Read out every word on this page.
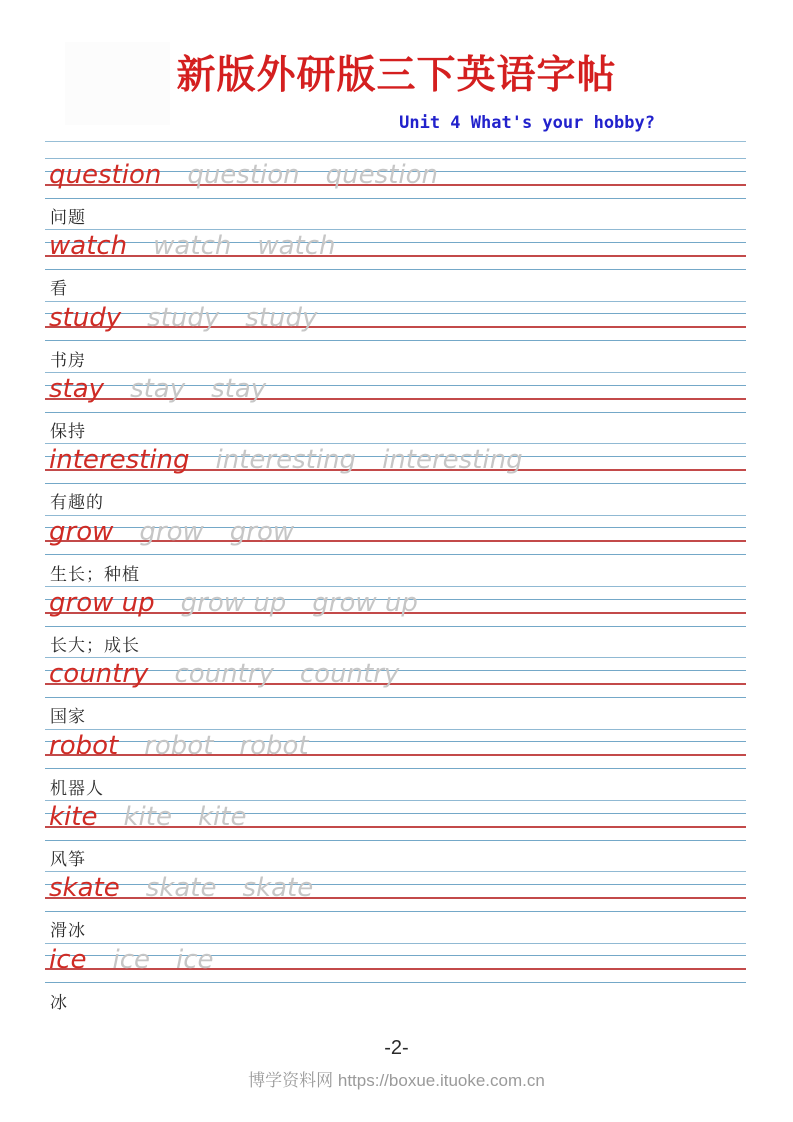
新版外研版三下英语字帖
Unit 4 What's your hobby?
question question question
问题
watch watch watch
看
study study study
书房
stay stay stay
保持
interesting interesting interesting
有趣的
grow grow grow
生长；种植
grow up grow up grow up
长大；成长
country country country
国家
robot robot robot
机器人
kite kite kite
风筝
skate skate skate
滑冰
ice ice ice
冰
-2-
博学资料网 https://boxue.ituoke.com.cn
